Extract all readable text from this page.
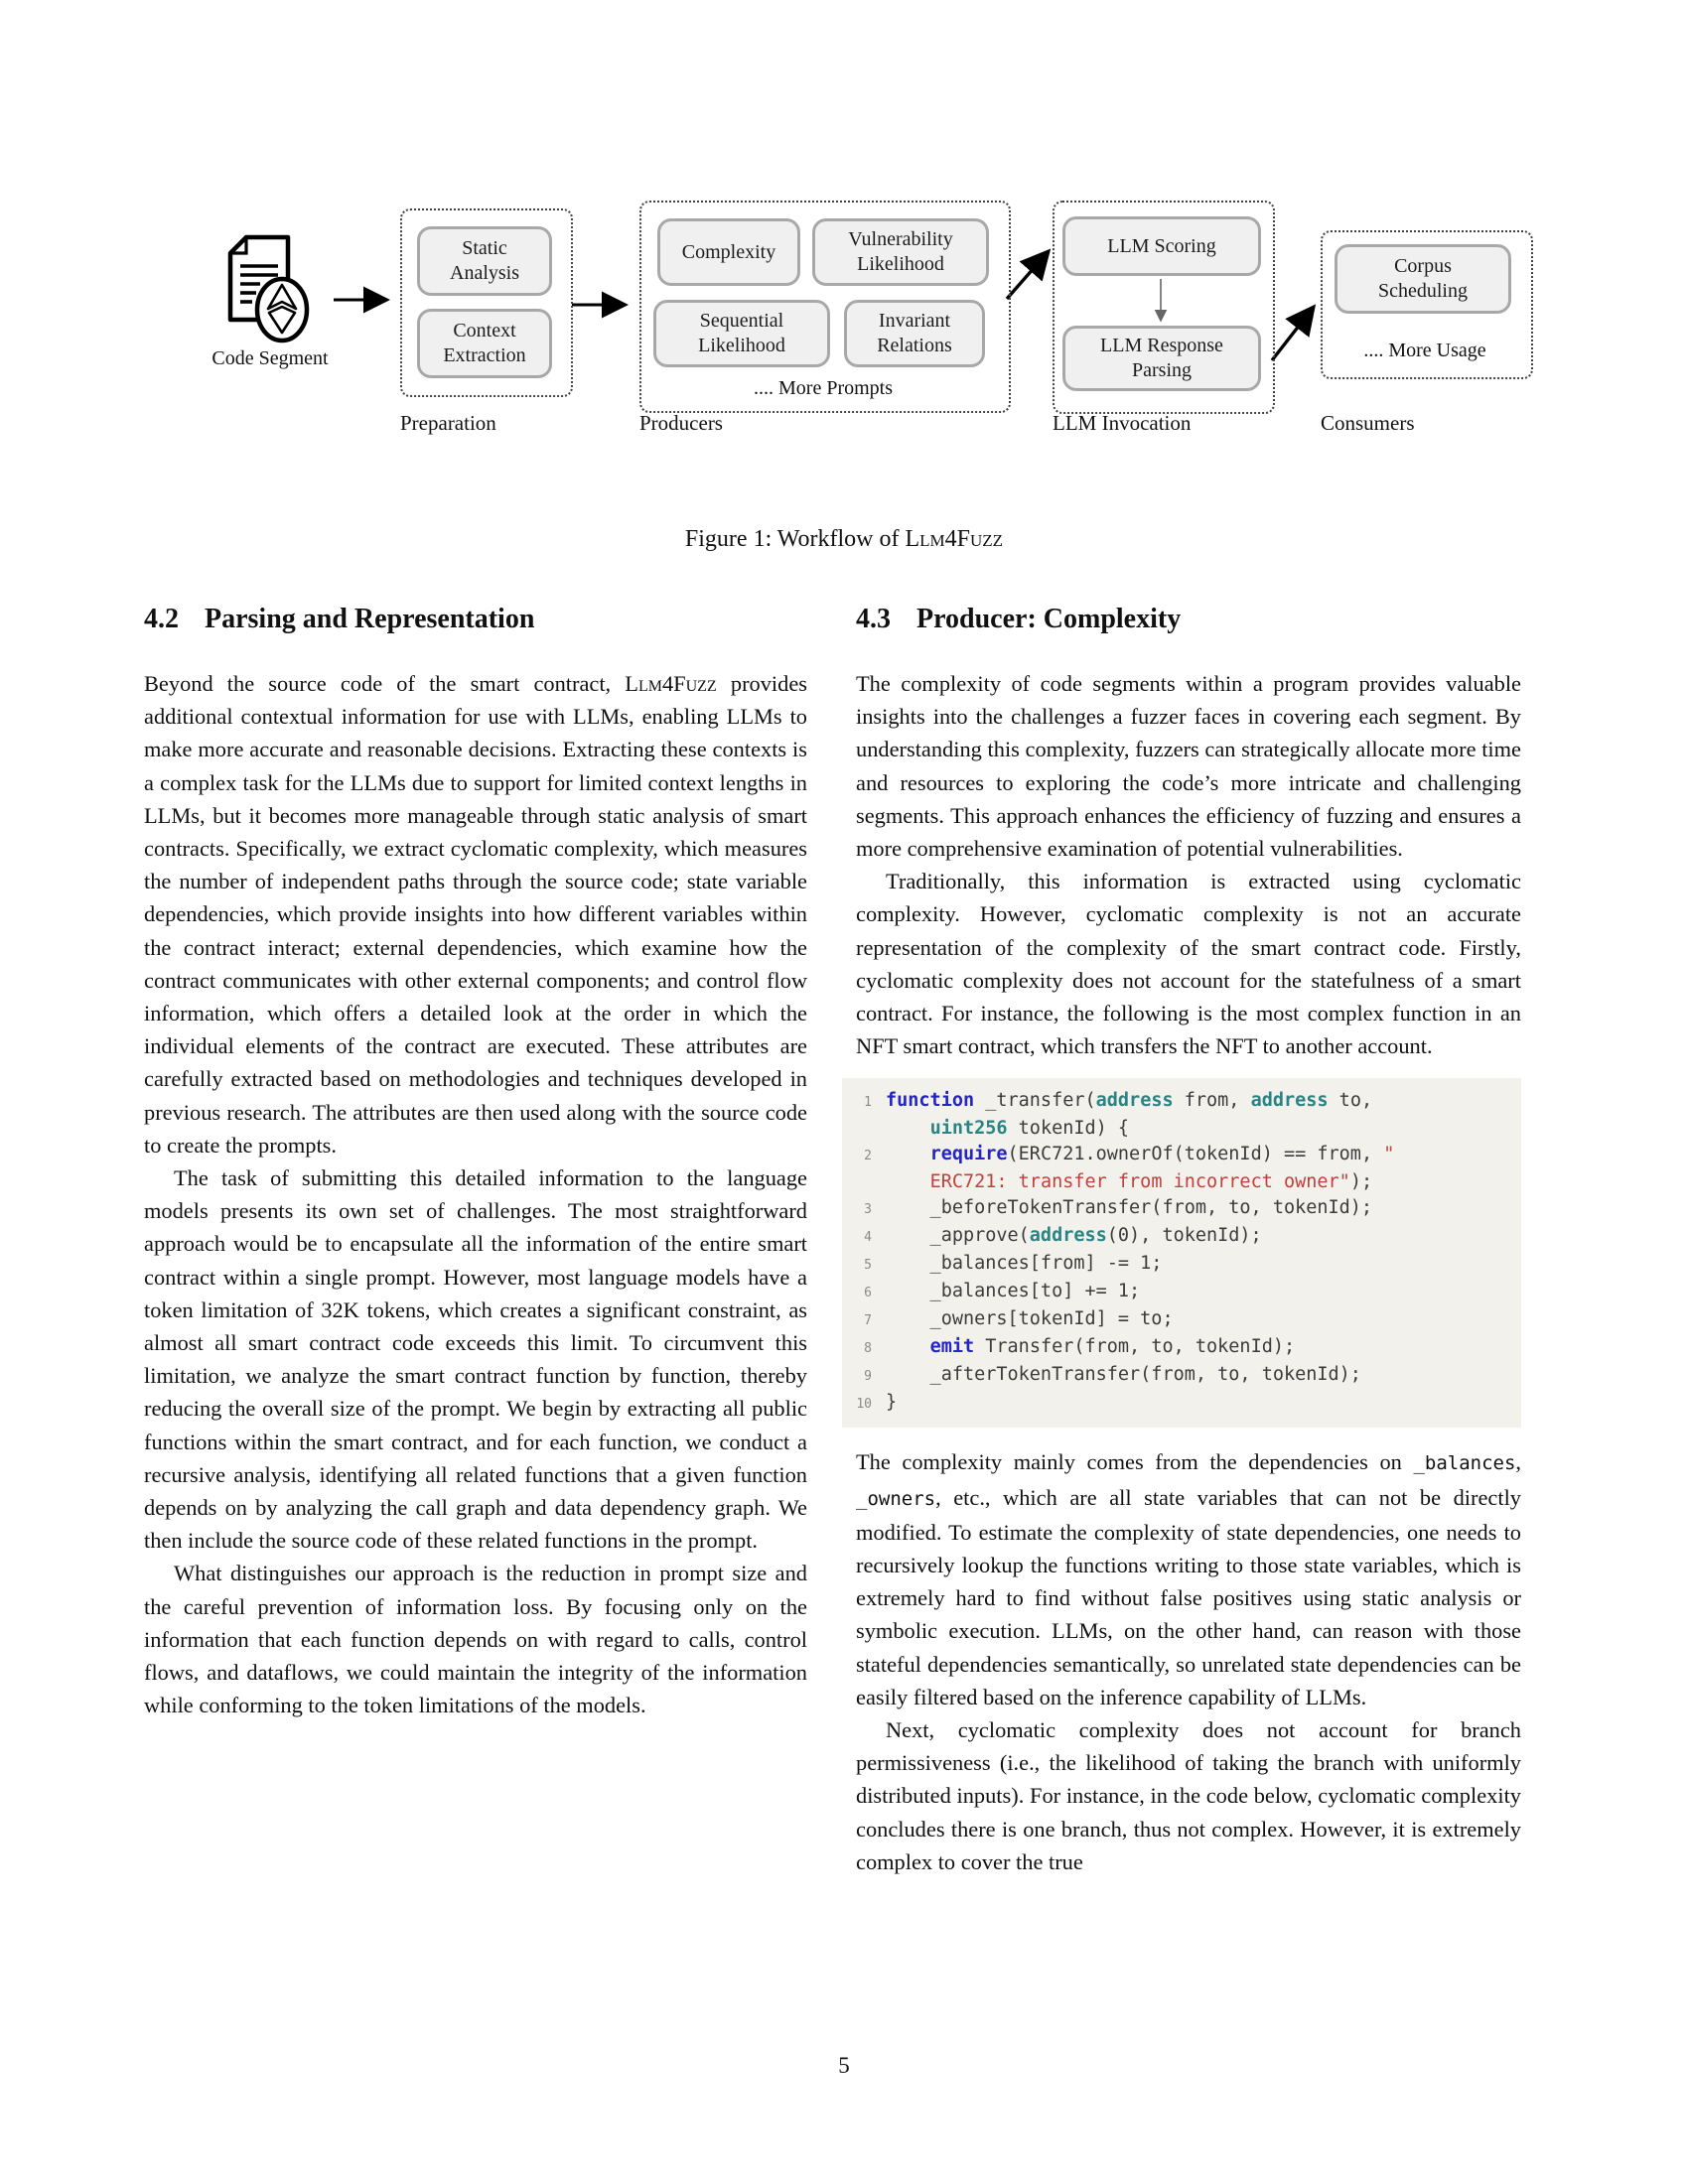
Code Segment
Static Analysis
Context Extraction
Complexity
Vulnerability Likelihood
Sequential Likelihood
Invariant Relations
.... More Prompts
LLM Scoring
LLM Response Parsing
Corpus Scheduling
.... More Usage
Preparation	Producers	LLM Invocation	Consumers
Figure 1: Workflow of Llm4Fuzz
4.2 Parsing and Representation

Beyond the source code of the smart contract, Llm4Fuzz provides additional contextual information for use with LLMs, enabling LLMs to make more accurate and reasonable decisions. Extracting these contexts is a complex task for the LLMs due to support for limited context lengths in LLMs, but it becomes more manageable through static analysis of smart contracts. Specifically, we extract cyclomatic complexity, which measures the number of independent paths through the source code; state variable dependencies, which provide insights into how different variables within the contract interact; external dependencies, which examine how the contract communicates with other external components; and control flow information, which offers a detailed look at the order in which the individual elements of the contract are executed. These attributes are carefully extracted based on methodologies and techniques developed in previous research. The attributes are then used along with the source code to create the prompts.

The task of submitting this detailed information to the language models presents its own set of challenges. The most straightforward approach would be to encapsulate all the information of the entire smart contract within a single prompt. However, most language models have a token limitation of 32K tokens, which creates a significant constraint, as almost all smart contract code exceeds this limit. To circumvent this limitation, we analyze the smart contract function by function, thereby reducing the overall size of the prompt. We begin by extracting all public functions within the smart contract, and for each function, we conduct a recursive analysis, identifying all related functions that a given function depends on by analyzing the call graph and data dependency graph. We then include the source code of these related functions in the prompt.

What distinguishes our approach is the reduction in prompt size and the careful prevention of information loss. By focusing only on the information that each function depends on with regard to calls, control flows, and dataflows, we could maintain the integrity of the information while conforming to the token limitations of the models.

4.3 Producer: Complexity

The complexity of code segments within a program provides valuable insights into the challenges a fuzzer faces in covering each segment. By understanding this complexity, fuzzers can strategically allocate more time and resources to exploring the code’s more intricate and challenging segments. This approach enhances the efficiency of fuzzing and ensures a more comprehensive examination of potential vulnerabilities.

Traditionally, this information is extracted using cyclomatic complexity. However, cyclomatic complexity is not an accurate representation of the complexity of the smart contract code. Firstly, cyclomatic complexity does not account for the statefulness of a smart contract. For instance, the following is the most complex function in an NFT smart contract, which transfers the NFT to another account.

1 function _transfer(address from, address to,
uint256 tokenId) {
2	require(ERC721.ownerOf(tokenId) == from, "
ERC721: transfer from incorrect owner");
3    _beforeTokenTransfer(from, to, tokenId);
4    _approve(address(0), tokenId);
5    _balances[from] -= 1;
6    _balances[to] += 1;
7    _owners[tokenId] = to;
8	emit Transfer(from, to, tokenId);
9    _afterTokenTransfer(from, to, tokenId);
10 }

The complexity mainly comes from the dependencies on _balances, _owners, etc., which are all state variables that can not be directly modified. To estimate the complexity of state dependencies, one needs to recursively lookup the functions writing to those state variables, which is extremely hard to find without false positives using static analysis or symbolic execution. LLMs, on the other hand, can reason with those stateful dependencies semantically, so unrelated state dependencies can be easily filtered based on the inference capability of LLMs.

Next, cyclomatic complexity does not account for branch permissiveness (i.e., the likelihood of taking the branch with uniformly distributed inputs). For instance, in the code below, cyclomatic complexity concludes there is one branch, thus not complex. However, it is extremely complex to cover the true

5
